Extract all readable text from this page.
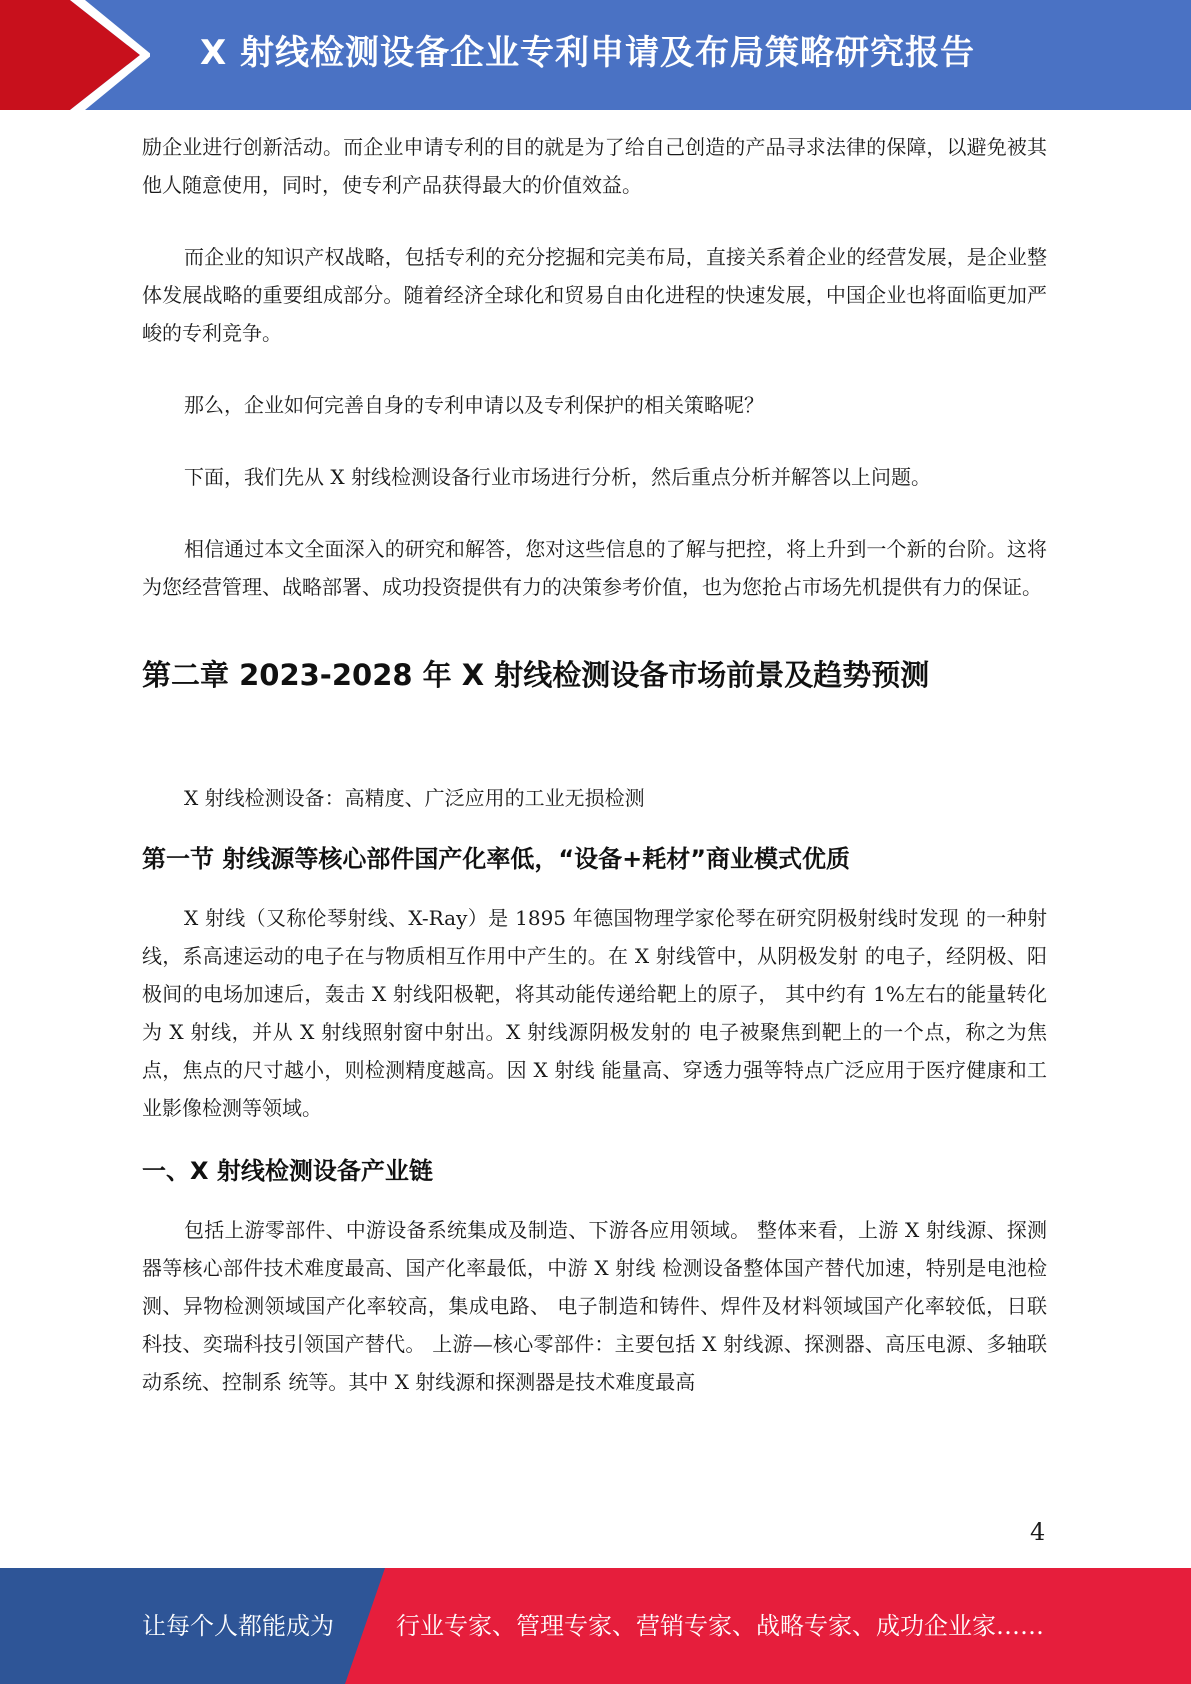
X 射线检测设备企业专利申请及布局策略研究报告

励企业进行创新活动。而企业申请专利的目的就是为了给自己创造的产品寻求法律的保障，以避免被其他人随意使用，同时，使专利产品获得最大的价值效益。

而企业的知识产权战略，包括专利的充分挖掘和完美布局，直接关系着企业的经营发展，是企业整体发展战略的重要组成部分。随着经济全球化和贸易自由化进程的快速发展，中国企业也将面临更加严峻的专利竞争。

那么，企业如何完善自身的专利申请以及专利保护的相关策略呢？

下面，我们先从 X 射线检测设备行业市场进行分析，然后重点分析并解答以上问题。

相信通过本文全面深入的研究和解答，您对这些信息的了解与把控，将上升到一个新的台阶。这将为您经营管理、战略部署、成功投资提供有力的决策参考价值，也为您抢占市场先机提供有力的保证。

第二章 2023-2028 年 X 射线检测设备市场前景及趋势预测

X 射线检测设备：高精度、广泛应用的工业无损检测

第一节 射线源等核心部件国产化率低，“设备+耗材”商业模式优质

X 射线（又称伦琴射线、X-Ray）是 1895 年德国物理学家伦琴在研究阴极射线时发现 的一种射线，系高速运动的电子在与物质相互作用中产生的。在 X 射线管中，从阴极发射 的电子，经阴极、阳极间的电场加速后，轰击 X 射线阳极靶，将其动能传递给靶上的原子， 其中约有 1%左右的能量转化为 X 射线，并从 X 射线照射窗中射出。X 射线源阴极发射的 电子被聚焦到靶上的一个点，称之为焦点，焦点的尺寸越小，则检测精度越高。因 X 射线 能量高、穿透力强等特点广泛应用于医疗健康和工业影像检测等领域。

一、X 射线检测设备产业链

包括上游零部件、中游设备系统集成及制造、下游各应用领域。 整体来看，上游 X 射线源、探测器等核心部件技术难度最高、国产化率最低，中游 X 射线 检测设备整体国产替代加速，特别是电池检测、异物检测领域国产化率较高，集成电路、 电子制造和铸件、焊件及材料领域国产化率较低，日联科技、奕瑞科技引领国产替代。 上游—核心零部件：主要包括 X 射线源、探测器、高压电源、多轴联动系统、控制系 统等。其中 X 射线源和探测器是技术难度最高

4
让每个人都能成为	行业专家、管理专家、营销专家、战略专家、成功企业家……
